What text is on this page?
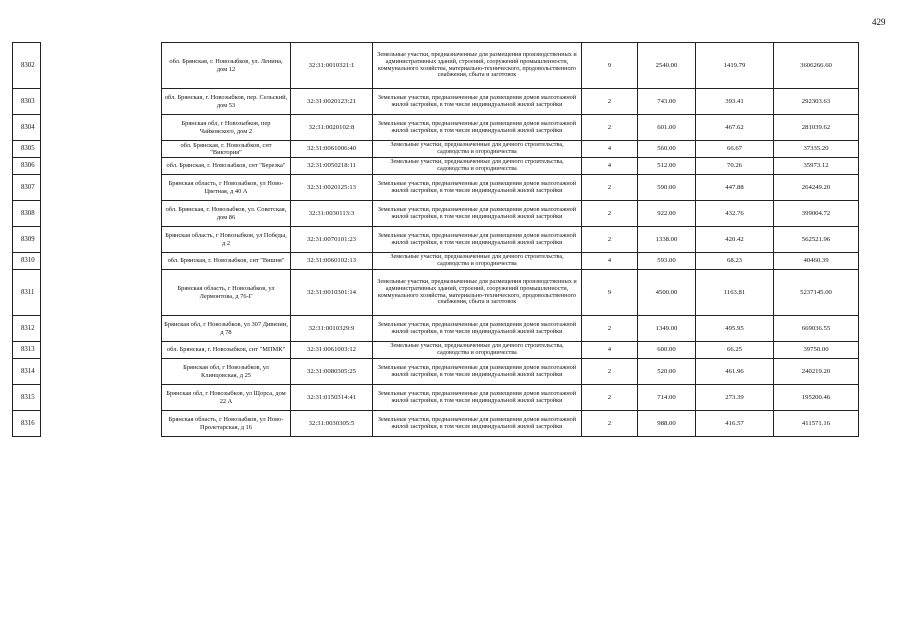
429
8302		обл. Брянская, г. Новозыбков, ул. Ленина, дом 12	32:31:0010321:1	Земельные участки, предназначенные для размещения производственных и административных зданий, строений, сооружений промышленности, коммунального хозяйства, материально-технического, продовольственного снабжения, сбыта и заготовок	9	2540.00	1419.79	3606266.60
8303		обл. Брянская, г. Новозыбков, пер. Сельский, дом 53	32:31:0020123:21	Земельные участки, предназначенные для размещения домов малоэтажной жилой застройки, в том числе индивидуальной жилой застройки	2	743.00	393.41	292303.63
8304		Брянская обл, г Новозыбков, пер Чайковского, дом 2	32:31:0020102:8	Земельные участки, предназначенные для размещения домов малоэтажной жилой застройки, в том числе индивидуальной жилой застройки	2	601.00	467.62	281039.62
8305		обл. Брянская, г. Новозыбков, снт "Виктория"	32:31:0061006:40	Земельные участки, предназначенные для дачного строительства, садоводства и огородничества	4	560.00	66.67	37335.20
8306		обл. Брянская, г. Новозыбков, снт "Березка"	32:31:0050218:11	Земельные участки, предназначенные для дачного строительства, садоводства и огородничества	4	512.00	70.26	35973.12
8307		Брянская область, г Новозыбков, ул Ново-Цветная, д 40 А	32:31:0020125:13	Земельные участки, предназначенные для размещения домов малоэтажной жилой застройки, в том числе индивидуальной жилой застройки	2	590.00	447.88	264249.20
8308		обл. Брянская, г. Новозыбков, ул. Советская, дом 86	32:31:0030113:3	Земельные участки, предназначенные для размещения домов малоэтажной жилой застройки, в том числе индивидуальной жилой застройки	2	922.00	432.76	399004.72
8309		Брянская область, г Новозыбков, ул Победы, д 2	32:31:0070101:23	Земельные участки, предназначенные для размещения домов малоэтажной жилой застройки, в том числе индивидуальной жилой застройки	2	1338.00	420.42	562521.96
8310		обл. Брянская, г. Новозыбков, снт "Вишня"	32:31:0060102:13	Земельные участки, предназначенные для дачного строительства, садоводства и огородничества	4	593.00	68.23	40460.39
8311		Брянская область, г Новозыбков, ул Лермонтова, д 76-Г	32:31:0010301:14	Земельные участки, предназначенные для размещения производственных и административных зданий, строений, сооружений промышленности, коммунального хозяйства, материально-технического, продовольственного снабжения, сбыта и заготовок	9	4500.00	1163.81	5237145.00
8312		Брянская обл, г Новозыбков, ул 307 Дивизии, д 78	32:31:0010329:9	Земельные участки, предназначенные для размещения домов малоэтажной жилой застройки, в том числе индивидуальной жилой застройки	2	1349.00	495.95	669036.55
8313		обл. Брянская, г. Новозыбков, снт "МПМК"	32:31:0061003:12	Земельные участки, предназначенные для дачного строительства, садоводства и огородничества	4	600.00	66.25	39750.00
8314		Брянская обл, г Новозыбков, ул Клинцовская, д 25	32:31:0080305:25	Земельные участки, предназначенные для размещения домов малоэтажной жилой застройки, в том числе индивидуальной жилой застройки	2	520.00	461.96	240219.20
8315		Брянская обл, г Новозыбков, ул Щорса, дом 22 А	32:31:0150314:41	Земельные участки, предназначенные для размещения домов малоэтажной жилой застройки, в том числе индивидуальной жилой застройки	2	714.00	273.39	195200.46
8316		Брянская область, г Новозыбков, ул Ново-Пролетарская, д 16	32:31:0030305:5	Земельные участки, предназначенные для размещения домов малоэтажной жилой застройки, в том числе индивидуальной жилой застройки	2	988.00	416.57	411571.16
